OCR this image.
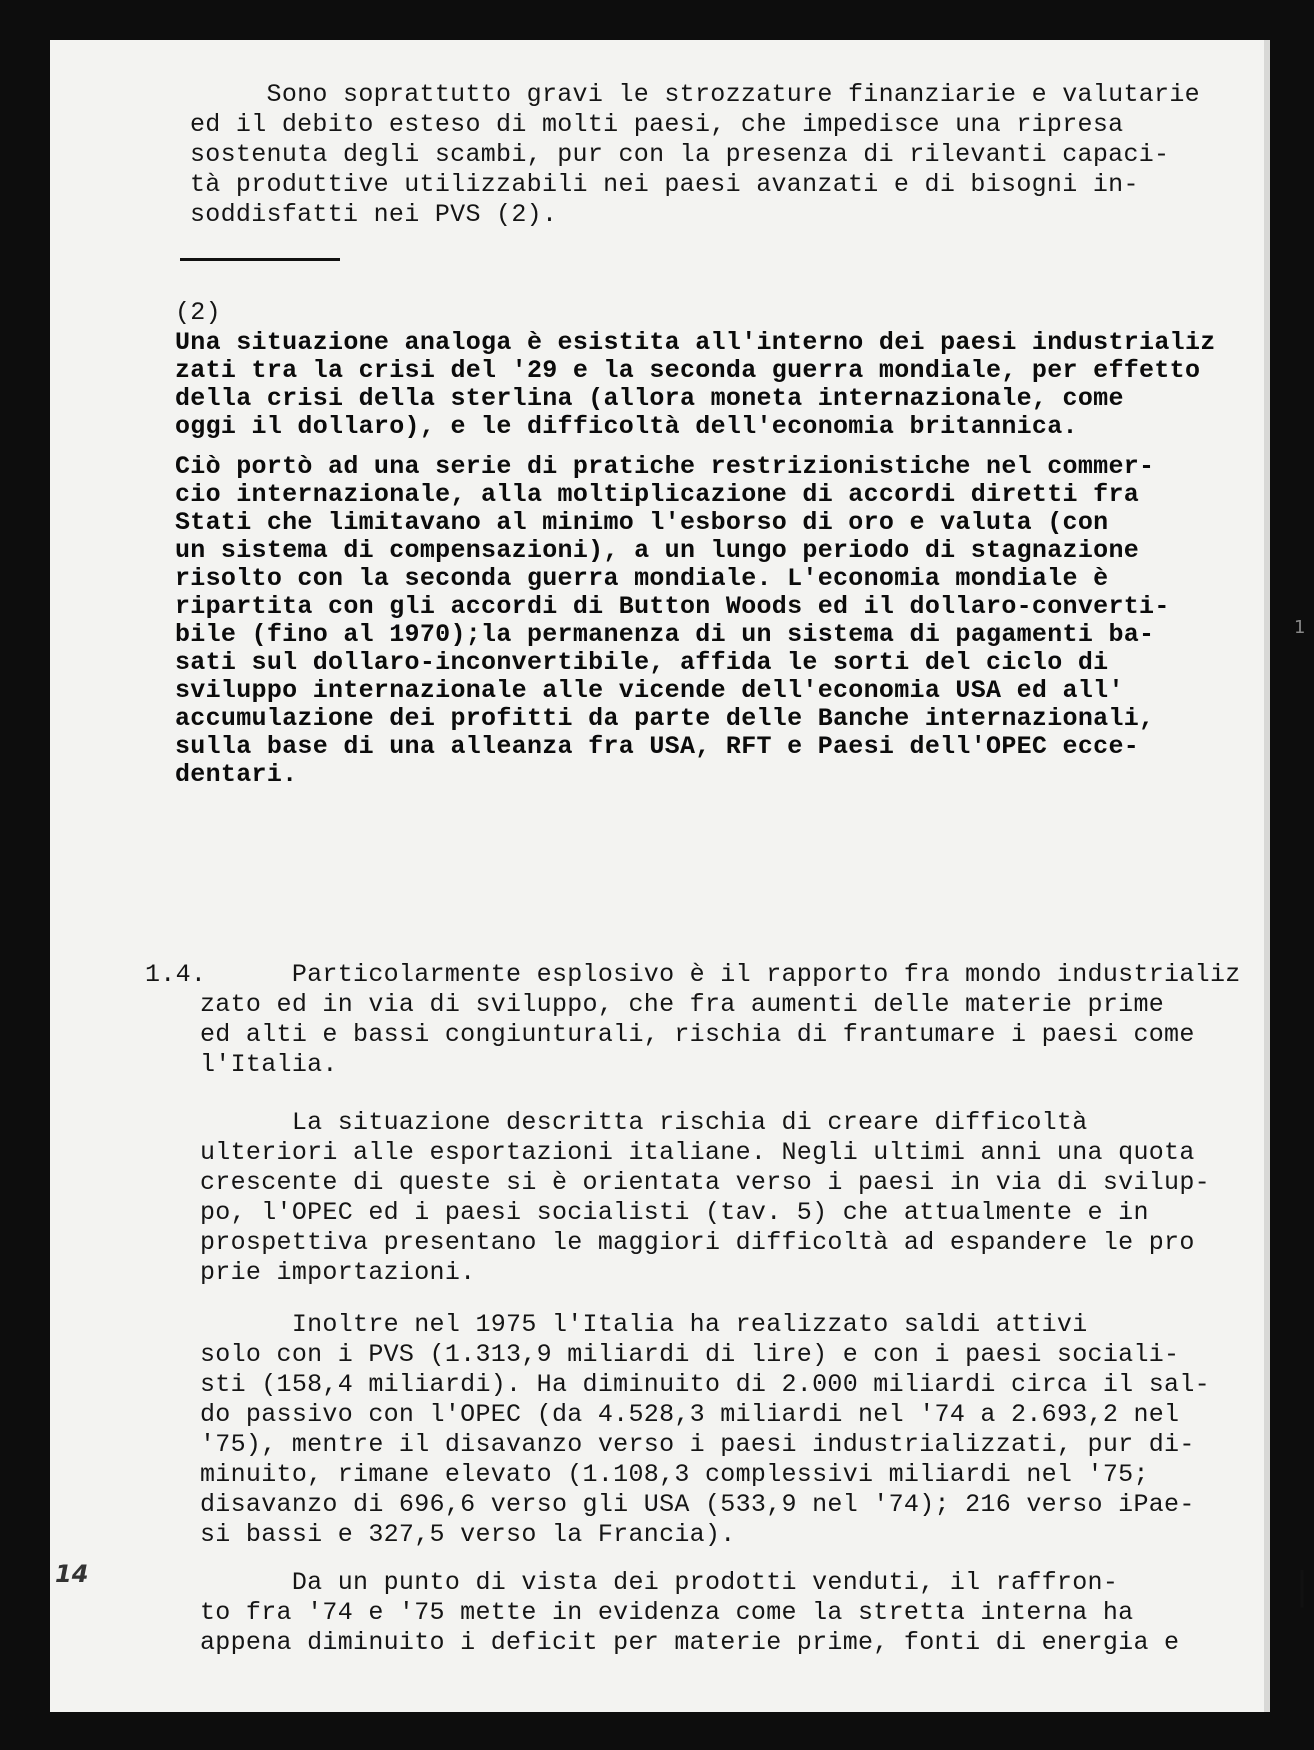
Sono soprattutto gravi le strozzature finanziarie e valutarie
ed il debito esteso di molti paesi, che impedisce una ripresa
sostenuta degli scambi, pur con la presenza di rilevanti capaci-
tà produttive utilizzabili nei paesi avanzati e di bisogni in-
soddisfatti nei PVS (2).
(2)
Una situazione analoga è esistita all'interno dei paesi industrializ
zati tra la crisi del '29 e la seconda guerra mondiale, per effetto
della crisi della sterlina (allora moneta internazionale, come
oggi il dollaro), e le difficoltà dell'economia britannica.
Ciò portò ad una serie di pratiche restrizionistiche nel commer-
cio internazionale, alla moltiplicazione di accordi diretti fra
Stati che limitavano al minimo l'esborso di oro e valuta (con
un sistema di compensazioni), a un lungo periodo di stagnazione
risolto con la seconda guerra mondiale. L'economia mondiale è
ripartita con gli accordi di Button Woods ed il dollaro-converti-
bile (fino al 1970);la permanenza di un sistema di pagamenti ba-
sati sul dollaro-inconvertibile, affida le sorti del ciclo di
sviluppo internazionale alle vicende dell'economia USA ed all'
accumulazione dei profitti da parte delle Banche internazionali,
sulla base di una alleanza fra USA, RFT e Paesi dell'OPEC ecce-
dentari.
1.4.
Particolarmente esplosivo è il rapporto fra mondo industrializ
zato ed in via di sviluppo, che fra aumenti delle materie prime
ed alti e bassi congiunturali, rischia di frantumare i paesi come
l'Italia.
La situazione descritta rischia di creare difficoltà
ulteriori alle esportazioni italiane. Negli ultimi anni una quota
crescente di queste si è orientata verso i paesi in via di svilup-
po, l'OPEC ed i paesi socialisti (tav. 5) che attualmente e in
prospettiva presentano le maggiori difficoltà ad espandere le pro
prie importazioni.
Inoltre nel 1975 l'Italia ha realizzato saldi attivi
solo con i PVS (1.313,9 miliardi di lire) e con i paesi sociali-
sti (158,4 miliardi). Ha diminuito di 2.000 miliardi circa il sal-
do passivo con l'OPEC (da 4.528,3 miliardi nel '74 a 2.693,2 nel
'75), mentre il disavanzo verso i paesi industrializzati, pur di-
minuito, rimane elevato (1.108,3 complessivi miliardi nel '75;
disavanzo di 696,6 verso gli USA (533,9 nel '74); 216 verso iPae-
si bassi e 327,5 verso la Francia).
Da un punto di vista dei prodotti venduti, il raffron-
to fra '74 e '75 mette in evidenza come la stretta interna ha
appena diminuito i deficit per materie prime, fonti di energia e
|
14
1
